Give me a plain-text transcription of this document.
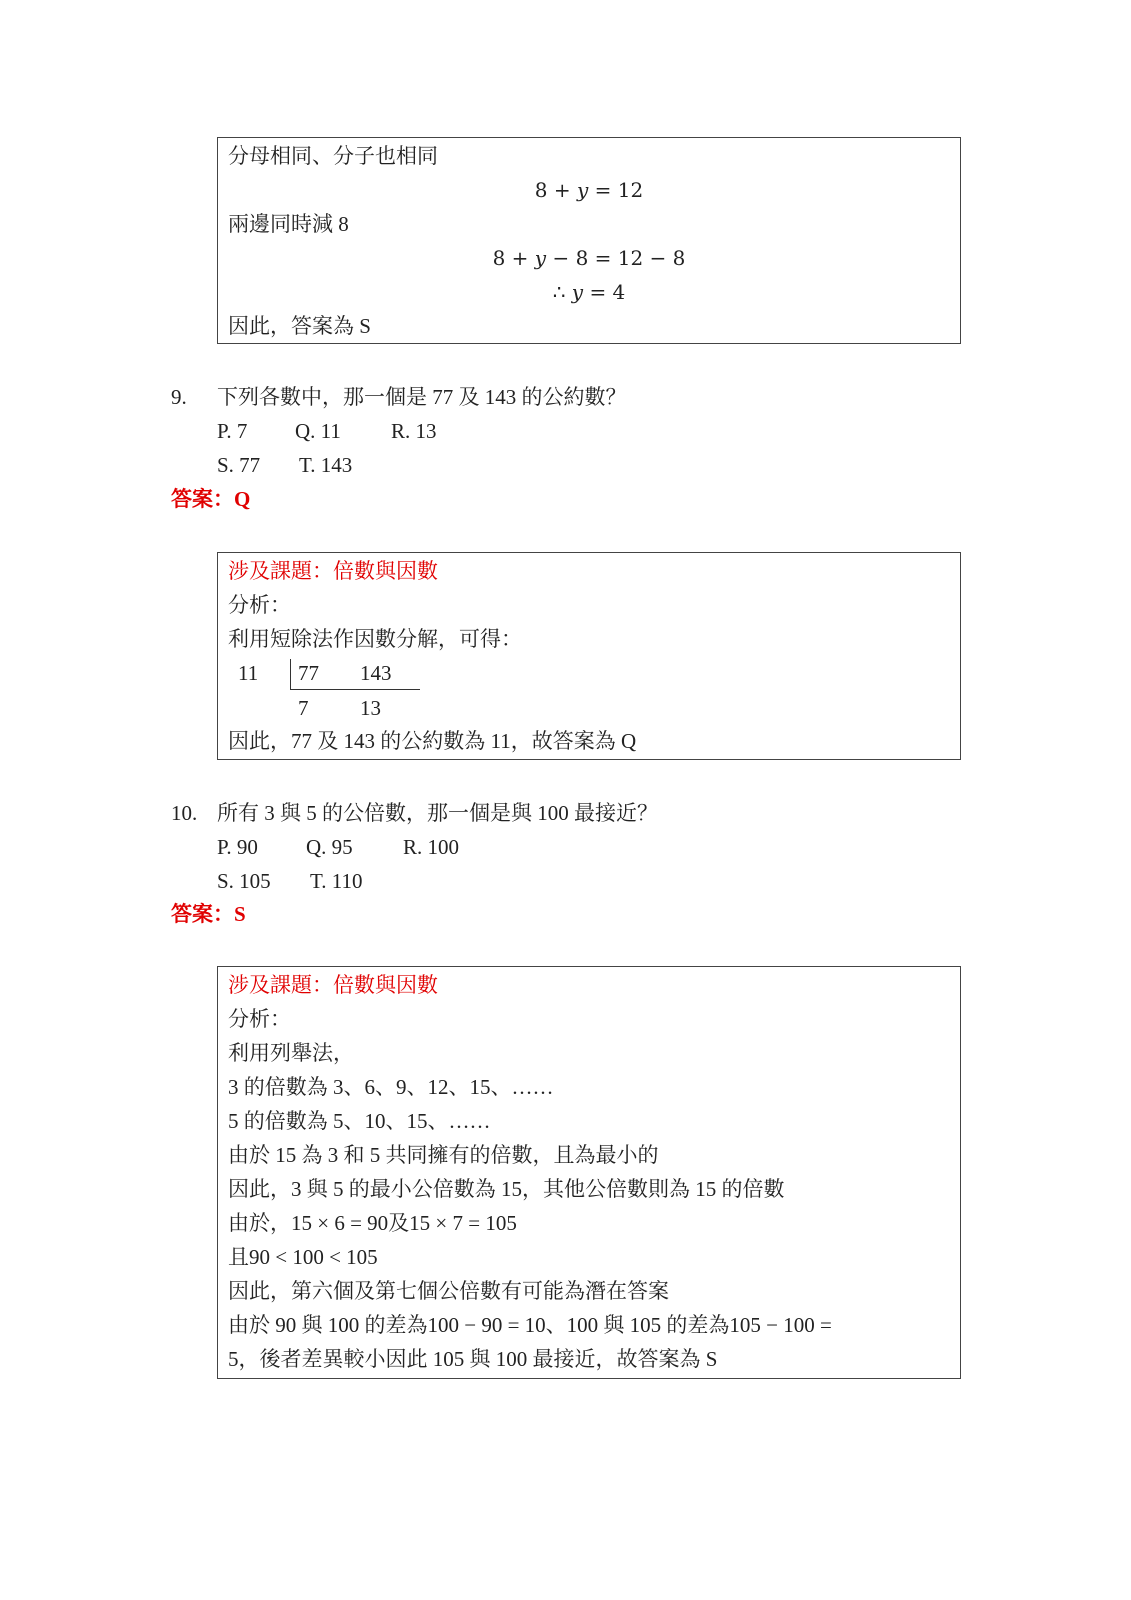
分母相同、分子也相同
8 + 𝑦 = 12
兩邊同時減 8
8 + 𝑦 − 8 = 12 − 8
∴ 𝑦 = 4
因此，答案為 S
9. 下列各數中，那一個是 77 及 143 的公約數？
P. 7 Q. 11 R. 13
S. 77 T. 143
答案：Q
涉及課題：倍數與因數
分析：
利用短除法作因數分解，可得：
11 77 143
7 13
因此，77 及 143 的公約數為 11，故答案為 Q
10. 所有 3 與 5 的公倍數，那一個是與 100 最接近？
P. 90 Q. 95 R. 100
S. 105 T. 110
答案：S
涉及課題：倍數與因數
分析：
利用列舉法，
3 的倍數為 3、6、9、12、15、……
5 的倍數為 5、10、15、……
由於 15 為 3 和 5 共同擁有的倍數，且為最小的
因此，3 與 5 的最小公倍數為 15，其他公倍數則為 15 的倍數
由於，15 × 6 = 90及15 × 7 = 105
且90 < 100 < 105
因此，第六個及第七個公倍數有可能為潛在答案
由於 90 與 100 的差為100 − 90 = 10、100 與 105 的差為105 − 100 =
5，後者差異較小因此 105 與 100 最接近，故答案為 S
